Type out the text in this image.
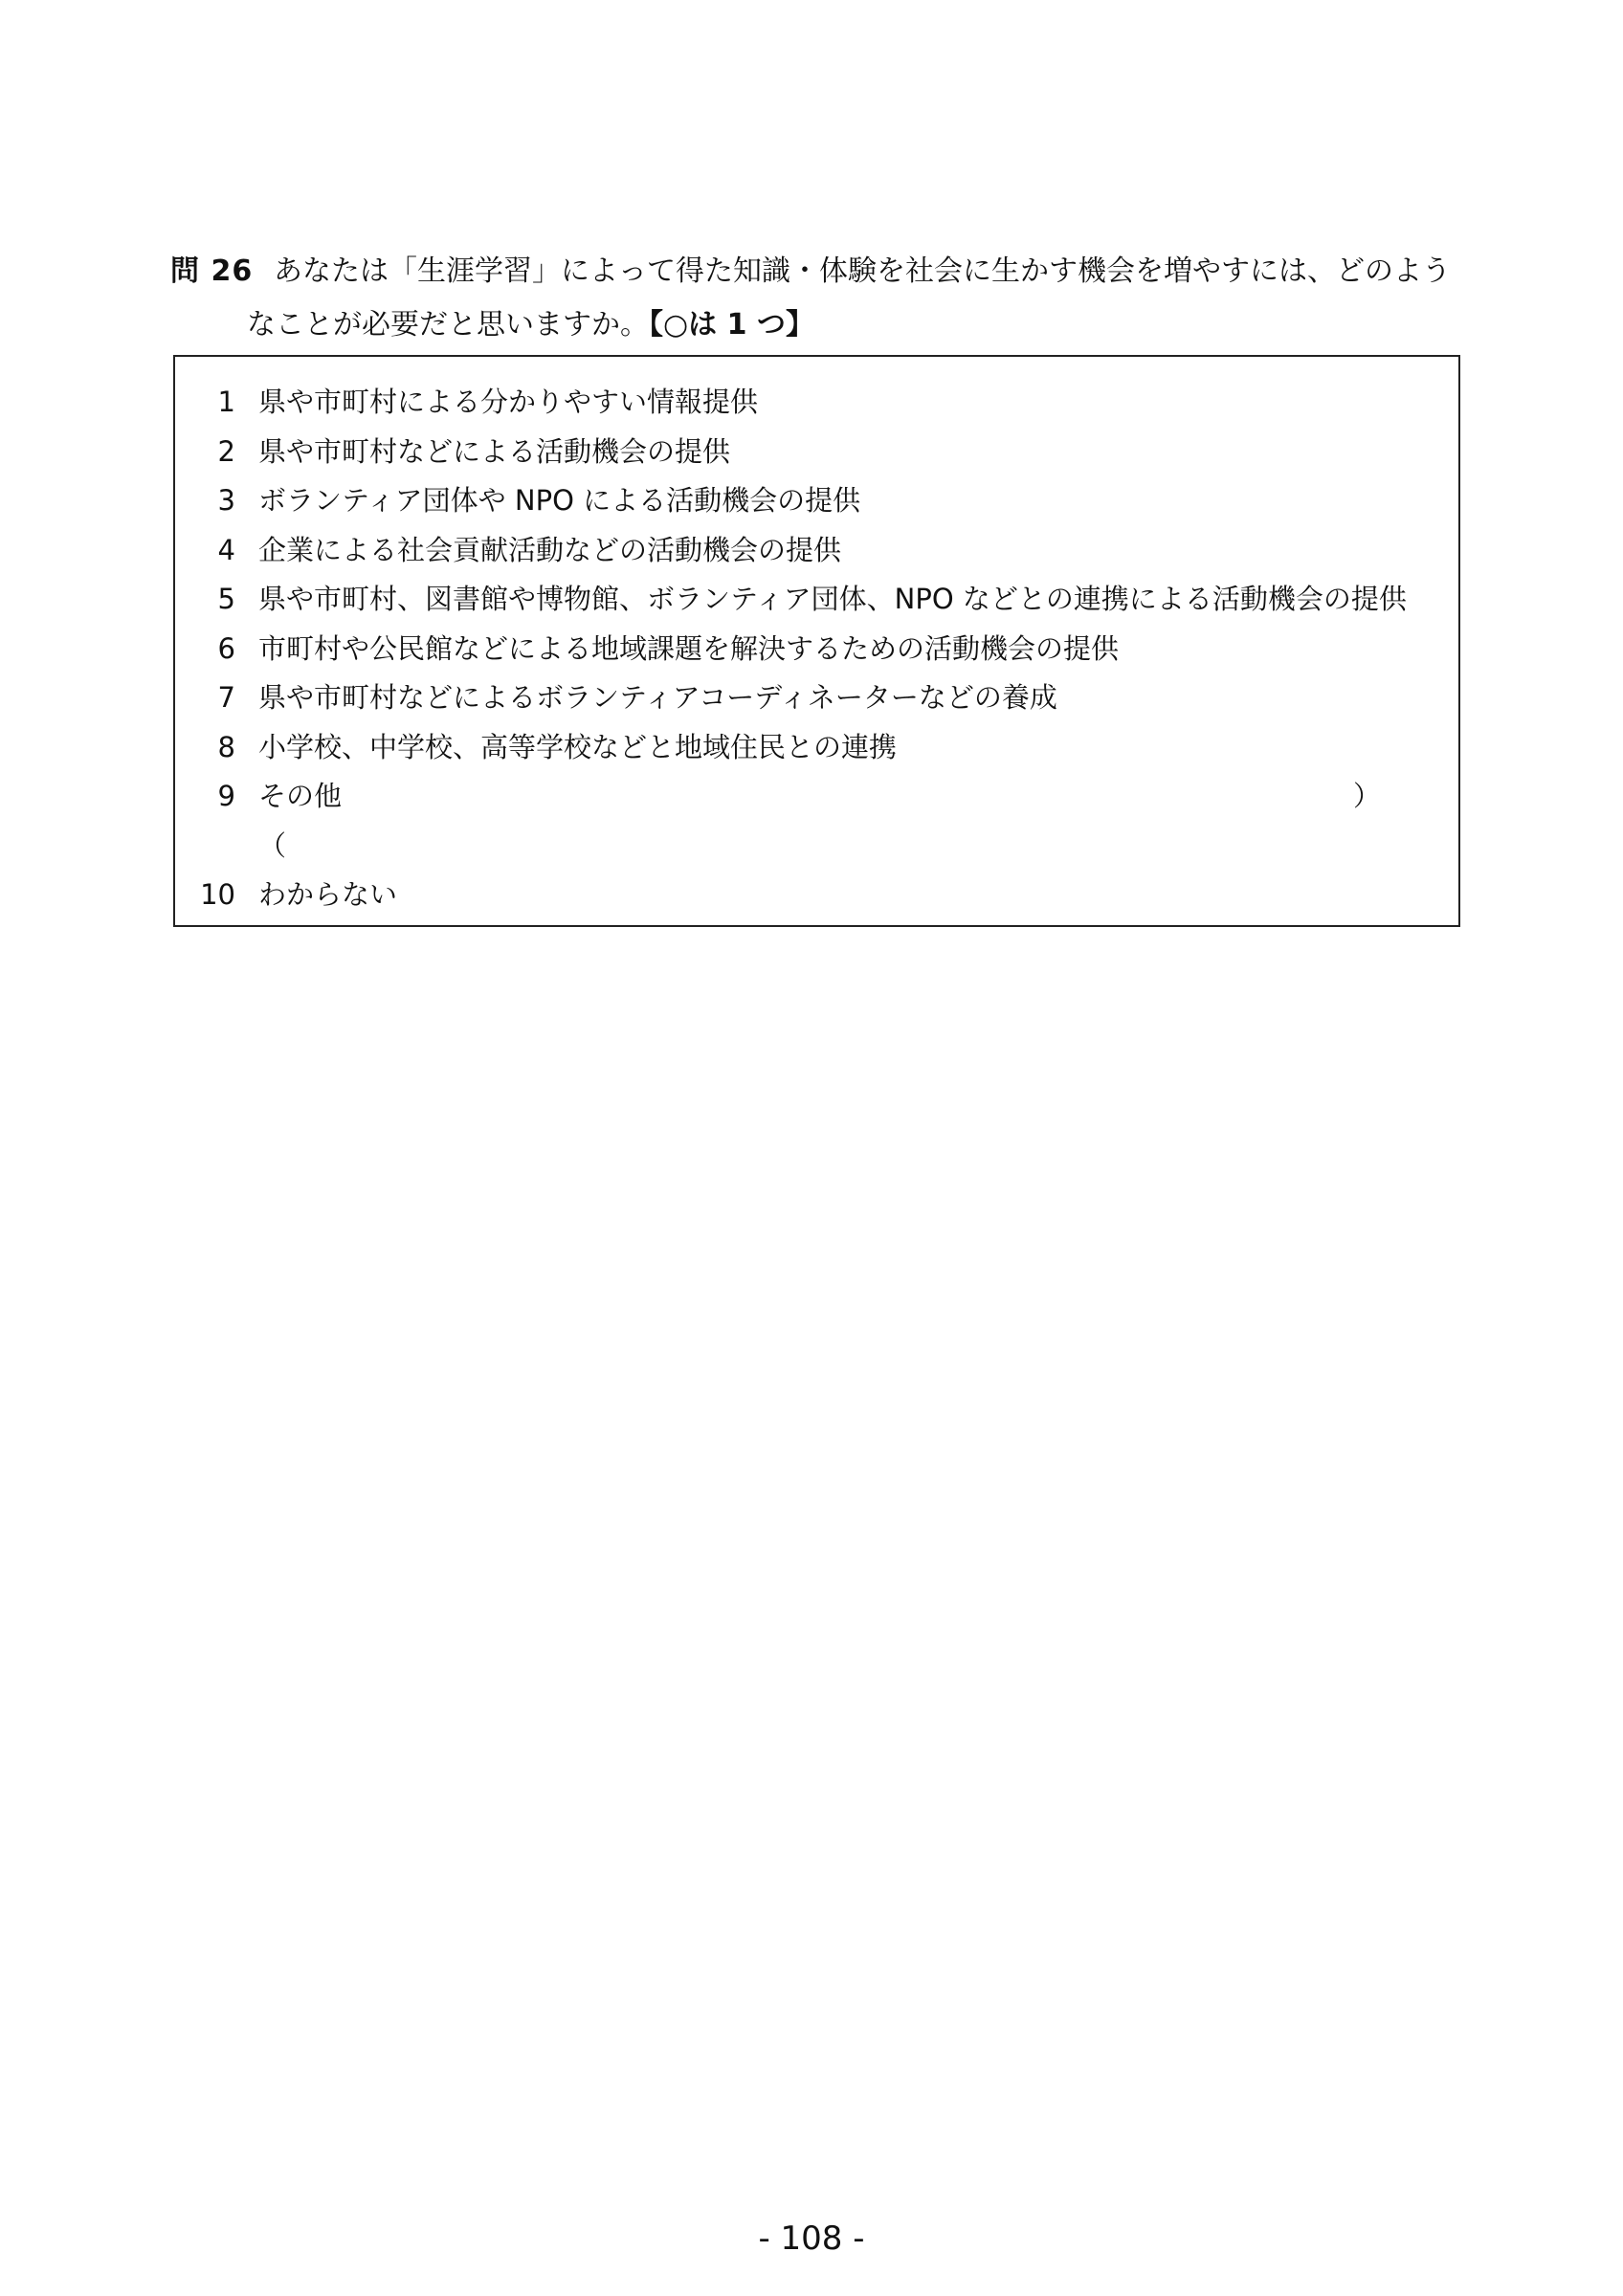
問 26 あなたは「生涯学習」によって得た知識・体験を社会に生かす機会を増やすには、どのよう
なことが必要だと思いますか。【○は 1 つ】
1 県や市町村による分かりやすい情報提供
2 県や市町村などによる活動機会の提供
3 ボランティア団体や NPO による活動機会の提供
4 企業による社会貢献活動などの活動機会の提供
5 県や市町村、図書館や博物館、ボランティア団体、NPO などとの連携による活動機会の提供
6 市町村や公民館などによる地域課題を解決するための活動機会の提供
7 県や市町村などによるボランティアコーディネーターなどの養成
8 小学校、中学校、高等学校などと地域住民との連携
9 その他（
）
10 わからない
- 108 -
